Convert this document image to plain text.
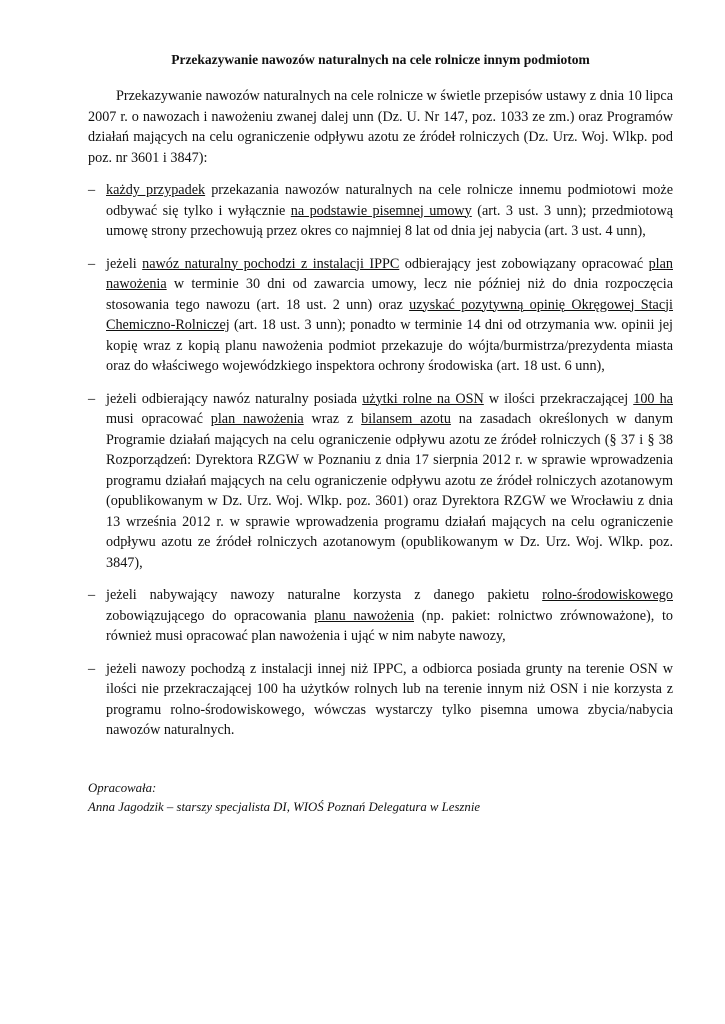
Przekazywanie nawozów naturalnych na cele rolnicze innym podmiotom

Przekazywanie nawozów naturalnych na cele rolnicze w świetle przepisów ustawy z dnia 10 lipca 2007 r. o nawozach i nawożeniu zwanej dalej unn (Dz. U. Nr 147, poz. 1033 ze zm.) oraz Programów działań mających na celu ograniczenie odpływu azotu ze źródeł rolniczych (Dz. Urz. Woj. Wlkp. pod poz. nr 3601 i 3847):

– każdy przypadek przekazania nawozów naturalnych na cele rolnicze innemu podmiotowi może odbywać się tylko i wyłącznie na podstawie pisemnej umowy (art. 3 ust. 3 unn); przedmiotową umowę strony przechowują przez okres co najmniej 8 lat od dnia jej nabycia (art. 3 ust. 4 unn),
– jeżeli nawóz naturalny pochodzi z instalacji IPPC odbierający jest zobowiązany opracować plan nawożenia w terminie 30 dni od zawarcia umowy, lecz nie później niż do dnia rozpoczęcia stosowania tego nawozu (art. 18 ust. 2 unn) oraz uzyskać pozytywną opinię Okręgowej Stacji Chemiczno-Rolniczej (art. 18 ust. 3 unn); ponadto w terminie 14 dni od otrzymania ww. opinii jej kopię wraz z kopią planu nawożenia podmiot przekazuje do wójta/burmistrza/prezydenta miasta oraz do właściwego wojewódzkiego inspektora ochrony środowiska (art. 18 ust. 6 unn),
– jeżeli odbierający nawóz naturalny posiada użytki rolne na OSN w ilości przekraczającej 100 ha musi opracować plan nawożenia wraz z bilansem azotu na zasadach określonych w danym Programie działań mających na celu ograniczenie odpływu azotu ze źródeł rolniczych (§ 37 i § 38 Rozporządzeń: Dyrektora RZGW w Poznaniu z dnia 17 sierpnia 2012 r. w sprawie wprowadzenia programu działań mających na celu ograniczenie odpływu azotu ze źródeł rolniczych azotanowym (opublikowanym w Dz. Urz. Woj. Wlkp. poz. 3601) oraz Dyrektora RZGW we Wrocławiu z dnia 13 września 2012 r. w sprawie wprowadzenia programu działań mających na celu ograniczenie odpływu azotu ze źródeł rolniczych azotanowym (opublikowanym w Dz. Urz. Woj. Wlkp. poz. 3847),
– jeżeli nabywający nawozy naturalne korzysta z danego pakietu rolno-środowiskowego zobowiązującego do opracowania planu nawożenia (np. pakiet: rolnictwo zrównoważone), to również musi opracować plan nawożenia i ująć w nim nabyte nawozy,
– jeżeli nawozy pochodzą z instalacji innej niż IPPC, a odbiorca posiada grunty na terenie OSN w ilości nie przekraczającej 100 ha użytków rolnych lub na terenie innym niż OSN i nie korzysta z programu rolno-środowiskowego, wówczas wystarczy tylko pisemna umowa zbycia/nabycia nawozów naturalnych.
Opracowała:
Anna Jagodzik – starszy specjalista DI, WIOŚ Poznań Delegatura w Lesznie
